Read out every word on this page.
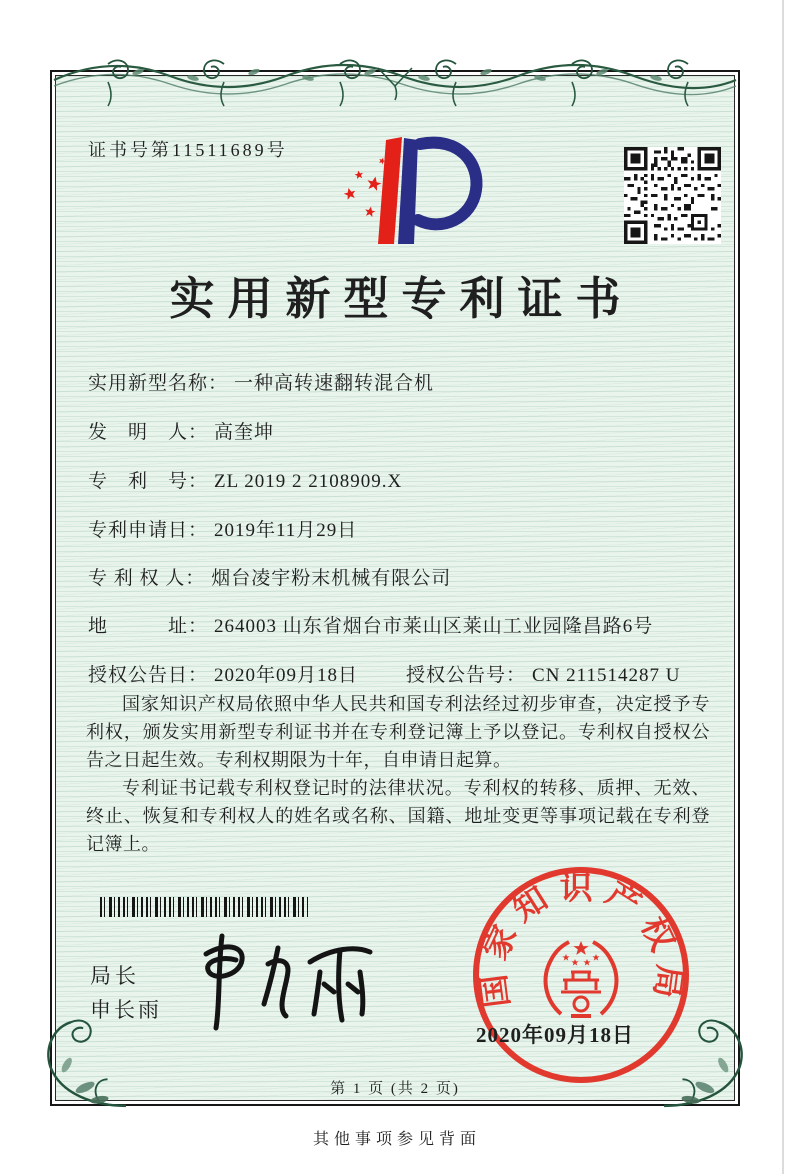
证书号第11511689号
实用新型专利证书
实用新型名称： 一种高转速翻转混合机
发　明　人： 高奎坤
专　利　号： ZL 2019 2 2108909.X
专利申请日： 2019年11月29日
专 利 权 人： 烟台凌宇粉末机械有限公司
地　　　址： 264003 山东省烟台市莱山区莱山工业园隆昌路6号
授权公告日： 2020年09月18日	授权公告号： CN 211514287 U

国家知识产权局依照中华人民共和国专利法经过初步审查，决定授予专利权，颁发实用新型专利证书并在专利登记簿上予以登记。专利权自授权公告之日起生效。专利权期限为十年，自申请日起算。

专利证书记载专利权登记时的法律状况。专利权的转移、质押、无效、终止、恢复和专利权人的姓名或名称、国籍、地址变更等事项记载在专利登记簿上。

局长
申长雨
国家知识产权局
2020年09月18日
第 1 页 (共 2 页)
其他事项参见背面
